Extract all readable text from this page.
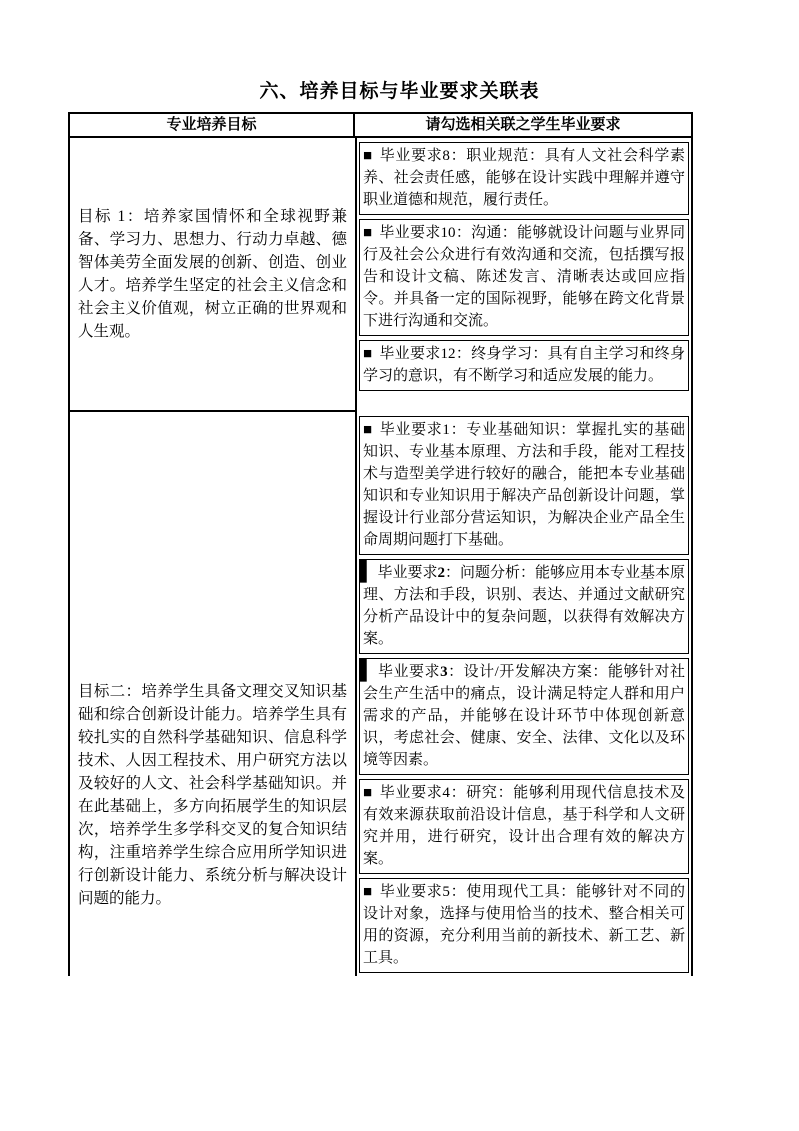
六、培养目标与毕业要求关联表
专业培养目标	请勾选相关联之学生毕业要求

目标 1：培养家国情怀和全球视野兼备、学习力、思想力、行动力卓越、德智体美劳全面发展的创新、创造、创业人才。培养学生坚定的社会主义信念和社会主义价值观，树立正确的世界观和人生观。

■ 毕业要求8：职业规范：具有人文社会科学素养、社会责任感，能够在设计实践中理解并遵守职业道德和规范，履行责任。
■ 毕业要求10：沟通：能够就设计问题与业界同行及社会公众进行有效沟通和交流，包括撰写报告和设计文稿、陈述发言、清晰表达或回应指令。并具备一定的国际视野，能够在跨文化背景下进行沟通和交流。
■ 毕业要求12：终身学习：具有自主学习和终身学习的意识，有不断学习和适应发展的能力。

目标二：培养学生具备文理交叉知识基础和综合创新设计能力。培养学生具有较扎实的自然科学基础知识、信息科学技术、人因工程技术、用户研究方法以及较好的人文、社会科学基础知识。并在此基础上，多方向拓展学生的知识层次，培养学生多学科交叉的复合知识结构，注重培养学生综合应用所学知识进行创新设计能力、系统分析与解决设计问题的能力。

■ 毕业要求1：专业基础知识：掌握扎实的基础知识、专业基本原理、方法和手段，能对工程技术与造型美学进行较好的融合，能把本专业基础知识和专业知识用于解决产品创新设计问题，掌握设计行业部分营运知识，为解决企业产品全生命周期问题打下基础。
▌ 毕业要求2：问题分析：能够应用本专业基本原理、方法和手段，识别、表达、并通过文献研究分析产品设计中的复杂问题，以获得有效解决方案。
▌ 毕业要求3：设计/开发解决方案：能够针对社会生产生活中的痛点，设计满足特定人群和用户需求的产品，并能够在设计环节中体现创新意识，考虑社会、健康、安全、法律、文化以及环境等因素。
■ 毕业要求4：研究：能够利用现代信息技术及有效来源获取前沿设计信息，基于科学和人文研究并用，进行研究，设计出合理有效的解决方案。
■ 毕业要求5：使用现代工具：能够针对不同的设计对象，选择与使用恰当的技术、整合相关可用的资源，充分利用当前的新技术、新工艺、新工具。
